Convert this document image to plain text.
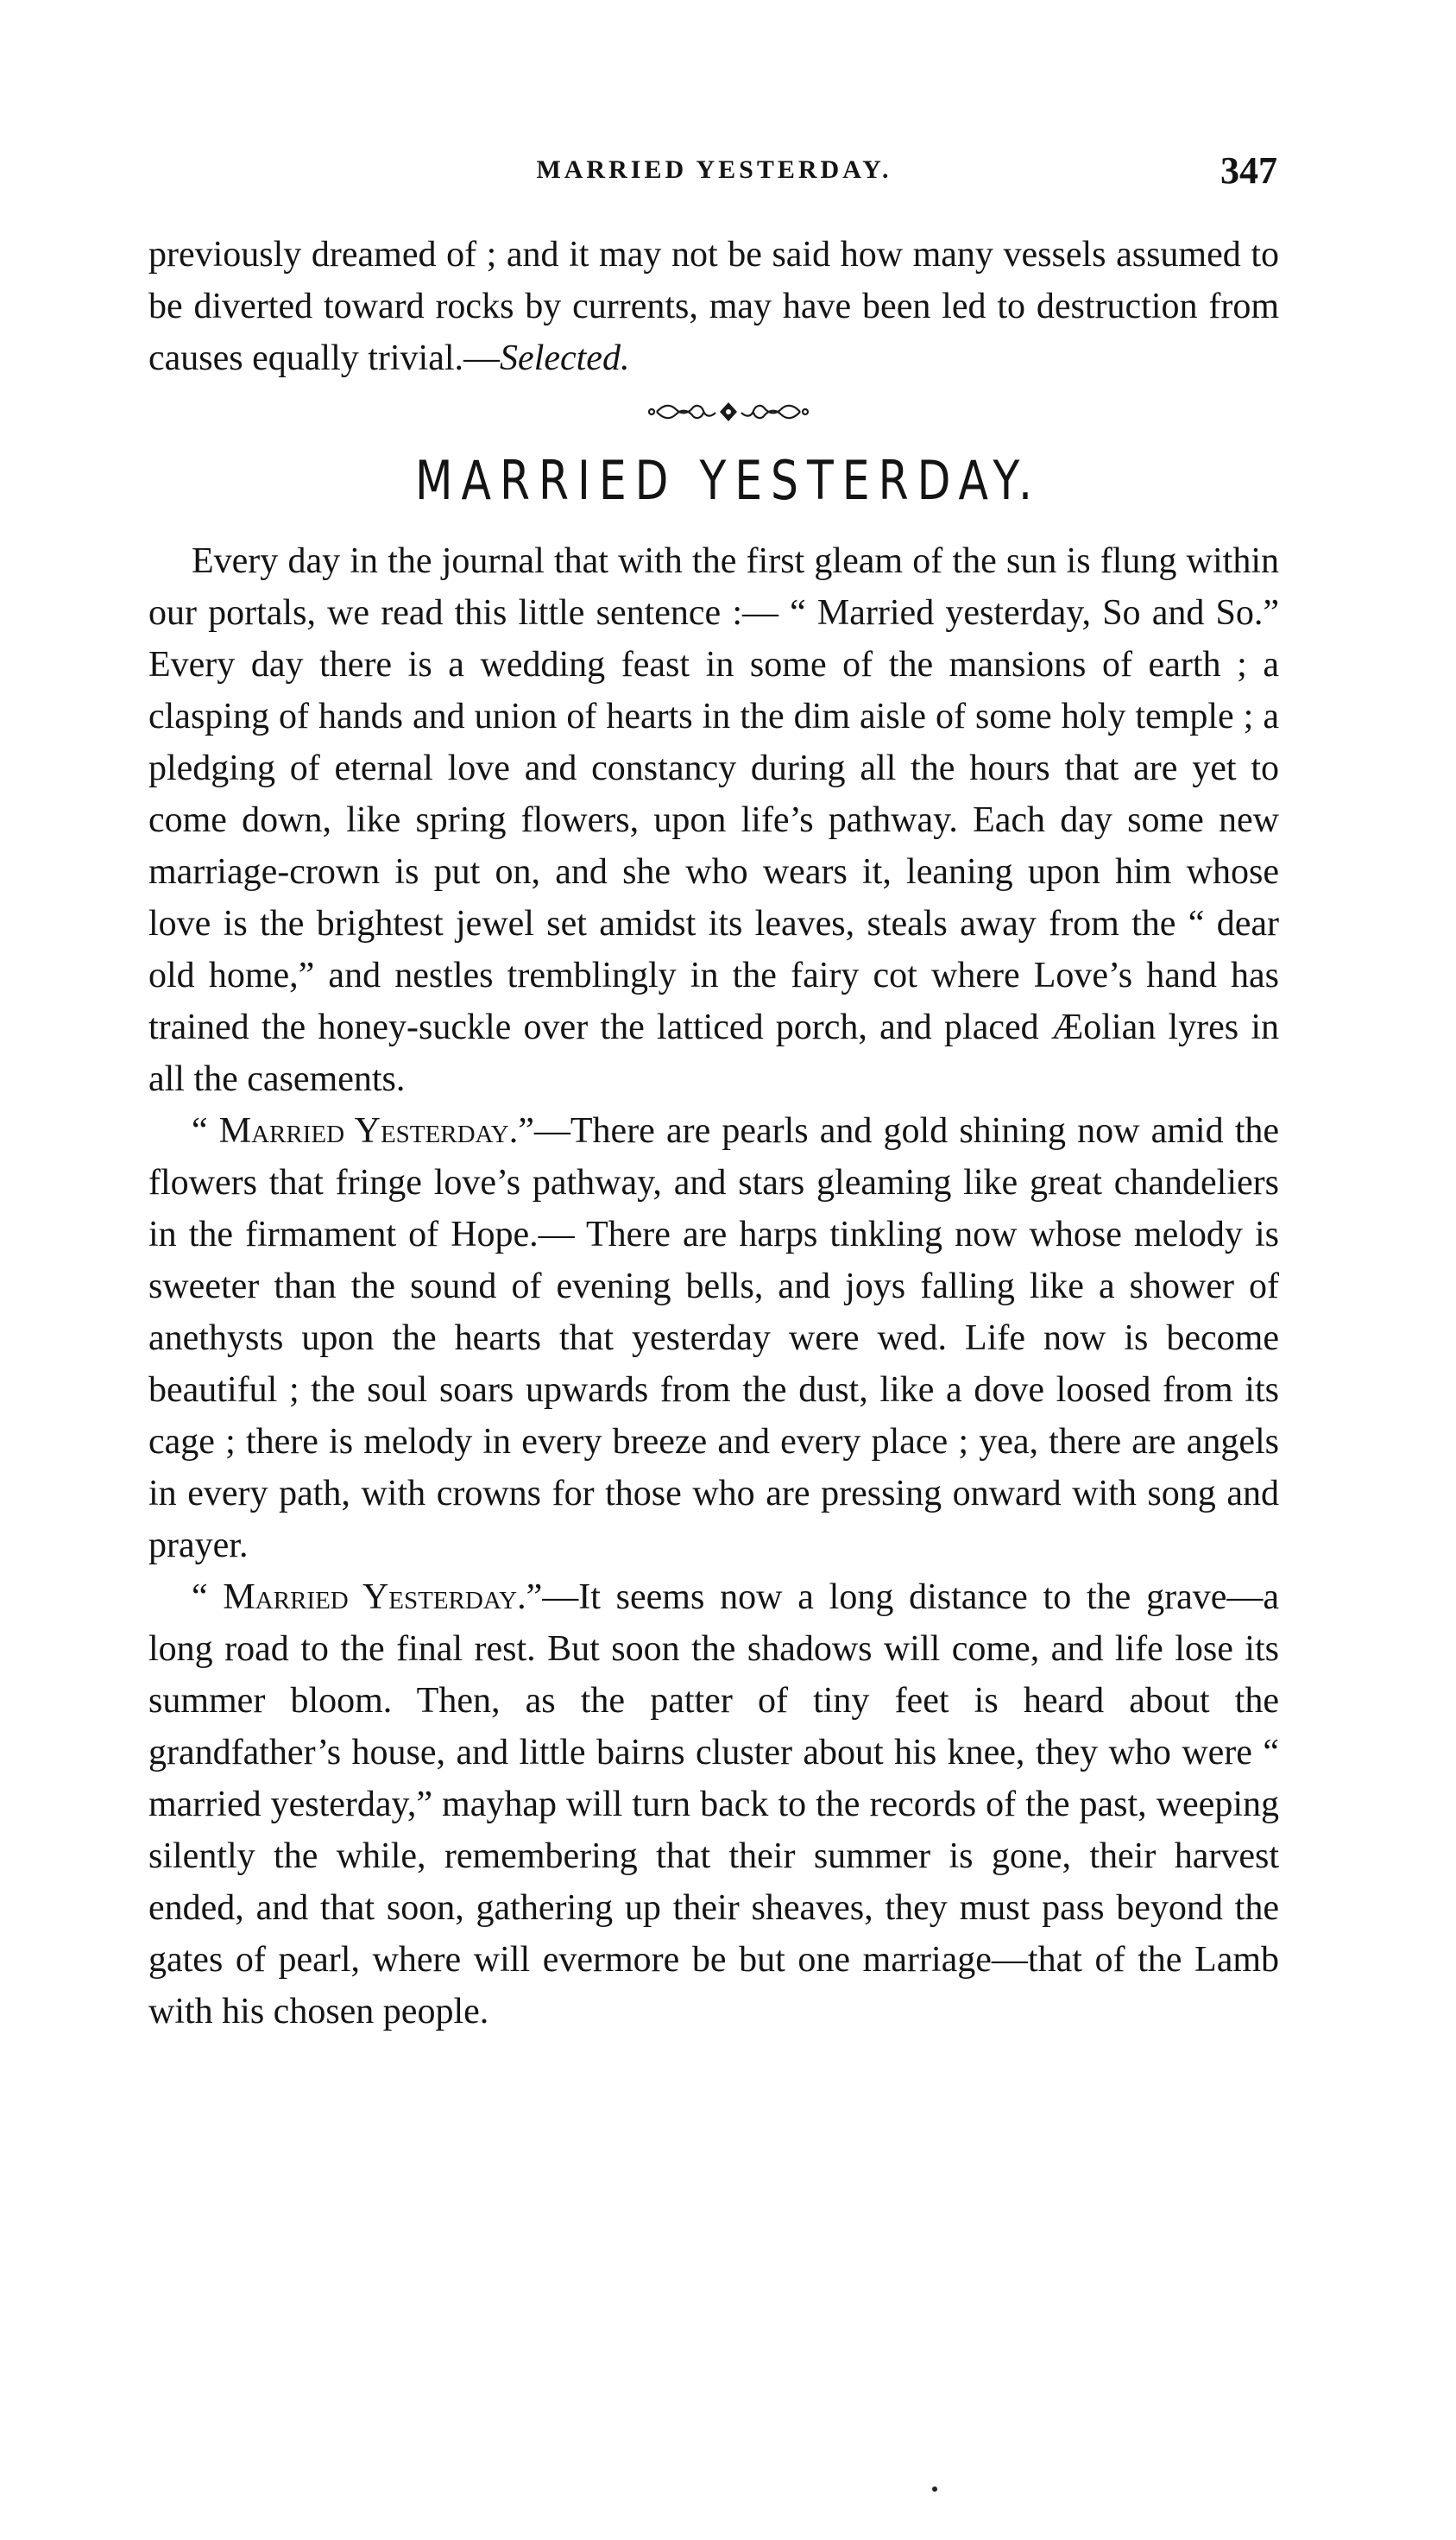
MARRIED YESTERDAY.	347

previously dreamed of ; and it may not be said how many vessels assumed to be diverted toward rocks by currents, may have been led to destruction from causes equally trivial.—Selected.

MARRIED YESTERDAY.

Every day in the journal that with the first gleam of the sun is flung within our portals, we read this little sentence :— “ Married yesterday, So and So.” Every day there is a wedding feast in some of the mansions of earth ; a clasping of hands and union of hearts in the dim aisle of some holy temple ; a pledging of eternal love and constancy during all the hours that are yet to come down, like spring flowers, upon life’s pathway. Each day some new marriage-crown is put on, and she who wears it, leaning upon him whose love is the brightest jewel set amidst its leaves, steals away from the “ dear old home,” and nestles tremblingly in the fairy cot where Love’s hand has trained the honey-suckle over the latticed porch, and placed Æolian lyres in all the casements.

“ Married Yesterday.”—There are pearls and gold shining now amid the flowers that fringe love’s pathway, and stars gleaming like great chandeliers in the firmament of Hope.— There are harps tinkling now whose melody is sweeter than the sound of evening bells, and joys falling like a shower of anethysts upon the hearts that yesterday were wed. Life now is become beautiful ; the soul soars upwards from the dust, like a dove loosed from its cage ; there is melody in every breeze and every place ; yea, there are angels in every path, with crowns for those who are pressing onward with song and prayer.

“ Married Yesterday.”—It seems now a long distance to the grave—a long road to the final rest. But soon the shadows will come, and life lose its summer bloom. Then, as the patter of tiny feet is heard about the grandfather’s house, and little bairns cluster about his knee, they who were “ married yesterday,” mayhap will turn back to the records of the past, weeping silently the while, remembering that their summer is gone, their harvest ended, and that soon, gathering up their sheaves, they must pass beyond the gates of pearl, where will evermore be but one marriage—that of the Lamb with his chosen people.
